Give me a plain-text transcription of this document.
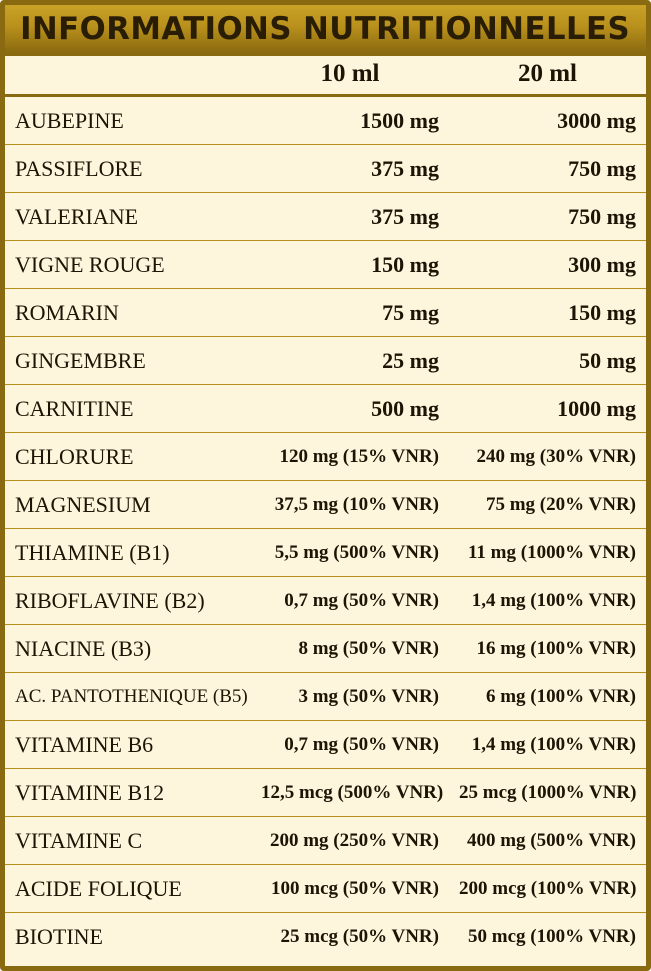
INFORMATIONS NUTRITIONNELLES
	10 ml	20 ml
AUBEPINE	1500 mg	3000 mg
PASSIFLORE	375 mg	750 mg
VALERIANE	375 mg	750 mg
VIGNE ROUGE	150 mg	300 mg
ROMARIN	75 mg	150 mg
GINGEMBRE	25 mg	50 mg
CARNITINE	500 mg	1000 mg
CHLORURE	120 mg (15% VNR)	240 mg (30% VNR)
MAGNESIUM	37,5 mg (10% VNR)	75 mg (20% VNR)
THIAMINE (B1)	5,5 mg (500% VNR)	11 mg (1000% VNR)
RIBOFLAVINE (B2)	0,7 mg (50% VNR)	1,4 mg (100% VNR)
NIACINE (B3)	8 mg (50% VNR)	16 mg (100% VNR)
AC. PANTOTHENIQUE (B5)	3 mg (50% VNR)	6 mg (100% VNR)
VITAMINE B6	0,7 mg (50% VNR)	1,4 mg (100% VNR)
VITAMINE B12	12,5 mcg (500% VNR)	25 mcg (1000% VNR)
VITAMINE C	200 mg (250% VNR)	400 mg (500% VNR)
ACIDE FOLIQUE	100 mcg (50% VNR)	200 mcg (100% VNR)
BIOTINE	25 mcg (50% VNR)	50 mcg (100% VNR)
